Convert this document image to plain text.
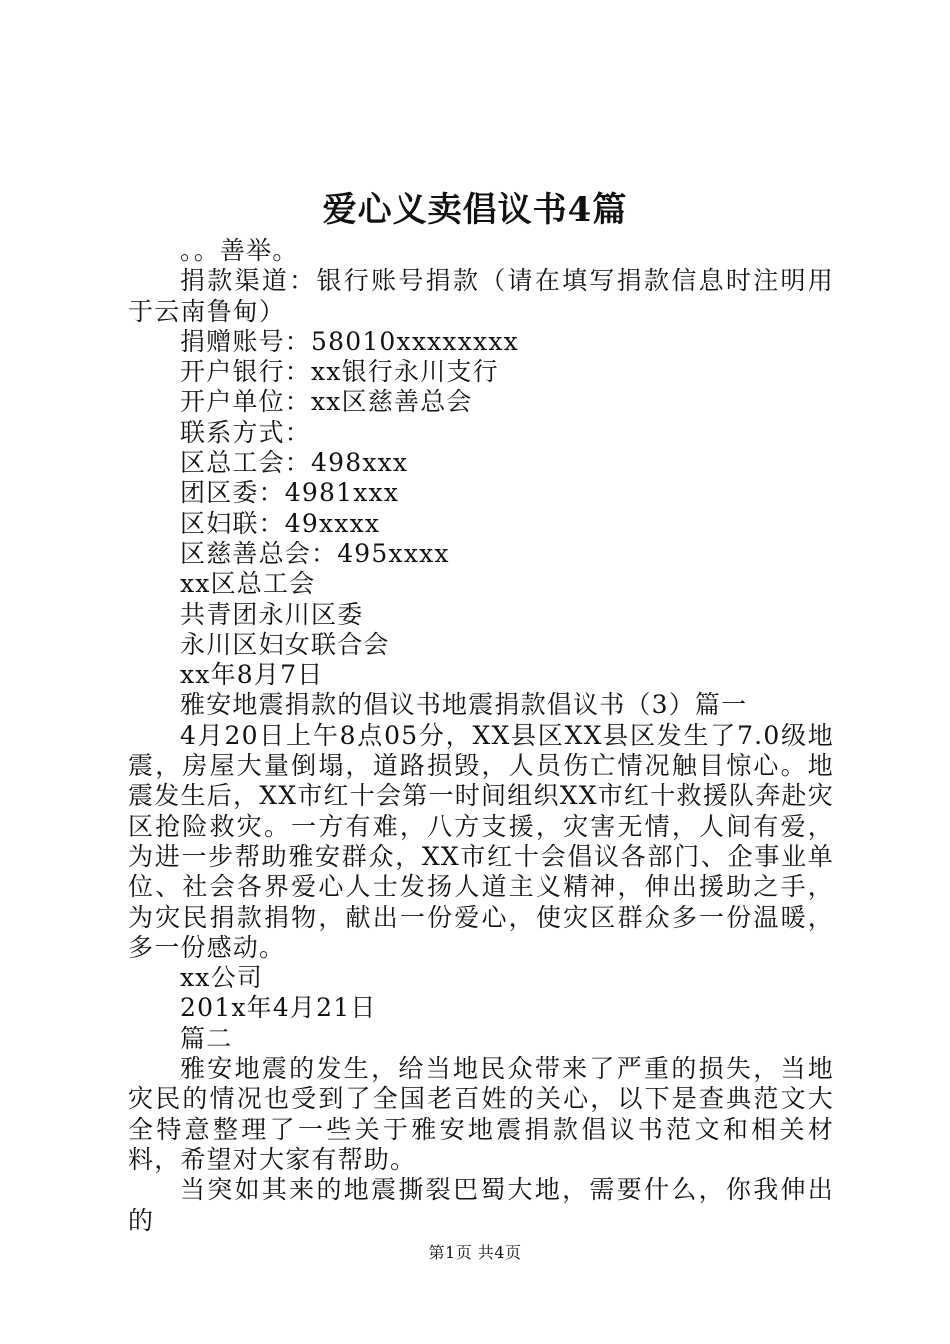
爱心义卖倡议书4篇

。。善举。

捐款渠道：银行账号捐款（请在填写捐款信息时注明用于云南鲁甸）

捐赠账号：58010xxxxxxxx

开户银行：xx银行永川支行

开户单位：xx区慈善总会

联系方式：

区总工会：498xxx

团区委：4981xxx

区妇联：49xxxx

区慈善总会：495xxxx

xx区总工会

共青团永川区委

永川区妇女联合会

xx年8月7日

雅安地震捐款的倡议书地震捐款倡议书（3）篇一

4月20日上午8点05分，XX县区XX县区发生了7.0级地震，房屋大量倒塌，道路损毁，人员伤亡情况触目惊心。地震发生后，XX市红十会第一时间组织XX市红十救援队奔赴灾区抢险救灾。一方有难，八方支援，灾害无情，人间有爱，为进一步帮助雅安群众，XX市红十会倡议各部门、企事业单位、社会各界爱心人士发扬人道主义精神，伸出援助之手，为灾民捐款捐物，献出一份爱心，使灾区群众多一份温暖，多一份感动。

xx公司

201x年4月21日

篇二

雅安地震的发生，给当地民众带来了严重的损失，当地灾民的情况也受到了全国老百姓的关心，以下是查典范文大全特意整理了一些关于雅安地震捐款倡议书范文和相关材料，希望对大家有帮助。

当突如其来的地震撕裂巴蜀大地，需要什么，你我伸出的

第1页 共4页
